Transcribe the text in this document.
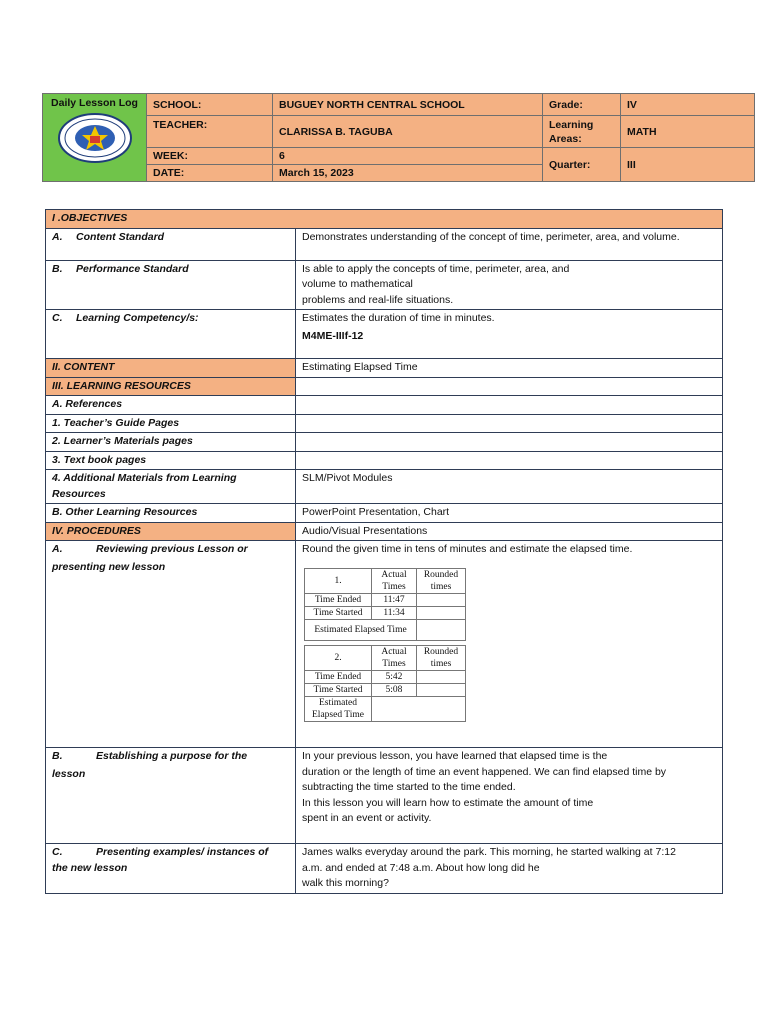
Daily Lesson Log	SCHOOL:	BUGUEY NORTH CENTRAL SCHOOL	Grade:	IV
	TEACHER:	CLARISSA B. TAGUBA	Learning Areas:	MATH
	WEEK:	6	Quarter:	III
	DATE:	March 15, 2023		
I .OBJECTIVES
A. Content Standard	Demonstrates understanding of the concept of time, perimeter, area, and volume.
B. Performance Standard	Is able to apply the concepts of time, perimeter, area, and
volume to mathematical
problems and real-life situations.

C. Learning Competency/s:	Estimates the duration of time in minutes.
M4ME-IIIf-12

II. CONTENT	Estimating Elapsed Time
III. LEARNING RESOURCES	
A. References	
1. Teacher’s Guide Pages	
2. Learner’s Materials pages	
3. Text book pages	
4. Additional Materials from Learning Resources	SLM/Pivot Modules
B. Other Learning Resources	PowerPoint Presentation, Chart
IV. PROCEDURES	Audio/Visual Presentations

A.	Reviewing previous Lesson or
presenting new lesson

Round the given time in tens of minutes and estimate the elapsed time.
1.	Actual Times	Rounded times
Time Ended	11:47	
Time Started	11:34	
Estimated Elapsed Time	
2.	Actual Times	Rounded times
Time Ended	5:42	
Time Started	5:08	
Estimated Elapsed Time	

B.	Establishing a purpose for the
lesson

In your previous lesson, you have learned that elapsed time is the
duration or the length of time an event happened. We can find elapsed time by
subtracting the time started to the time ended.
In this lesson you will learn how to estimate the amount of time
spent in an event or activity.

C.	Presenting examples/ instances of
the new lesson

James walks everyday around the park. This morning, he started walking at 7:12
a.m. and ended at 7:48 a.m. About how long did he
walk this morning?
